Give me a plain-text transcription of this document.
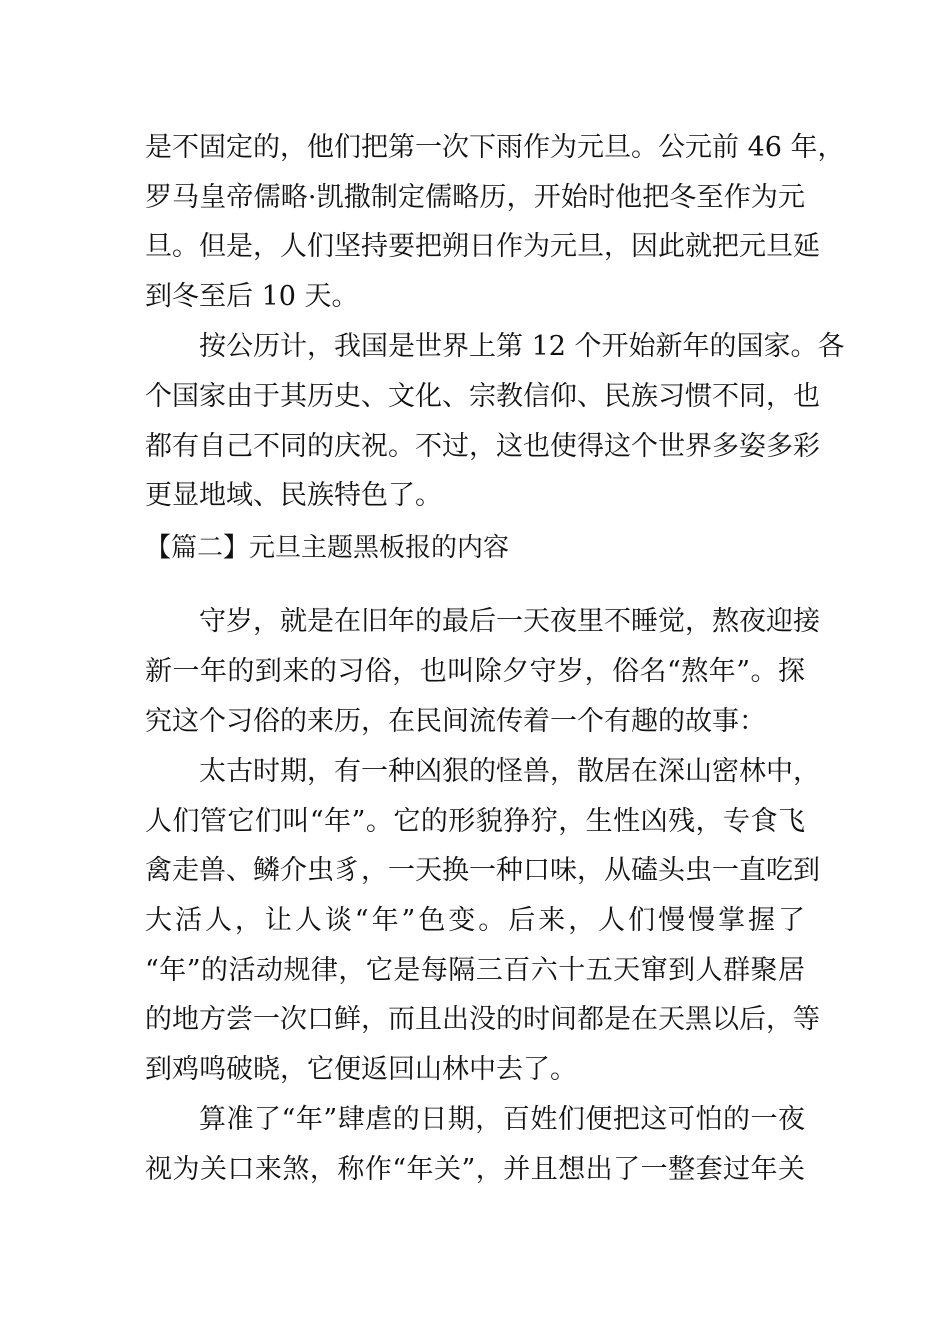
是不固定的，他们把第一次下雨作为元旦。公元前 46 年，
罗马皇帝儒略·凯撒制定儒略历，开始时他把冬至作为元
旦。但是，人们坚持要把朔日作为元旦，因此就把元旦延
到冬至后 10 天。
按公历计，我国是世界上第 12 个开始新年的国家。各
个国家由于其历史、文化、宗教信仰、民族习惯不同，也
都有自己不同的庆祝。不过，这也使得这个世界多姿多彩
更显地域、民族特色了。
【篇二】元旦主题黑板报的内容
守岁，就是在旧年的最后一天夜里不睡觉，熬夜迎接
新一年的到来的习俗，也叫除夕守岁，俗名“熬年”。探
究这个习俗的来历，在民间流传着一个有趣的故事：
太古时期，有一种凶狠的怪兽，散居在深山密林中，
人们管它们叫“年”。它的形貌狰狞，生性凶残，专食飞
禽走兽、鳞介虫豸，一天换一种口味，从磕头虫一直吃到
大活人，让人谈“年”色变。后来，人们慢慢掌握了
“年”的活动规律，它是每隔三百六十五天窜到人群聚居
的地方尝一次口鲜，而且出没的时间都是在天黑以后，等
到鸡鸣破晓，它便返回山林中去了。
算准了“年”肆虐的日期，百姓们便把这可怕的一夜
视为关口来煞，称作“年关”，并且想出了一整套过年关
